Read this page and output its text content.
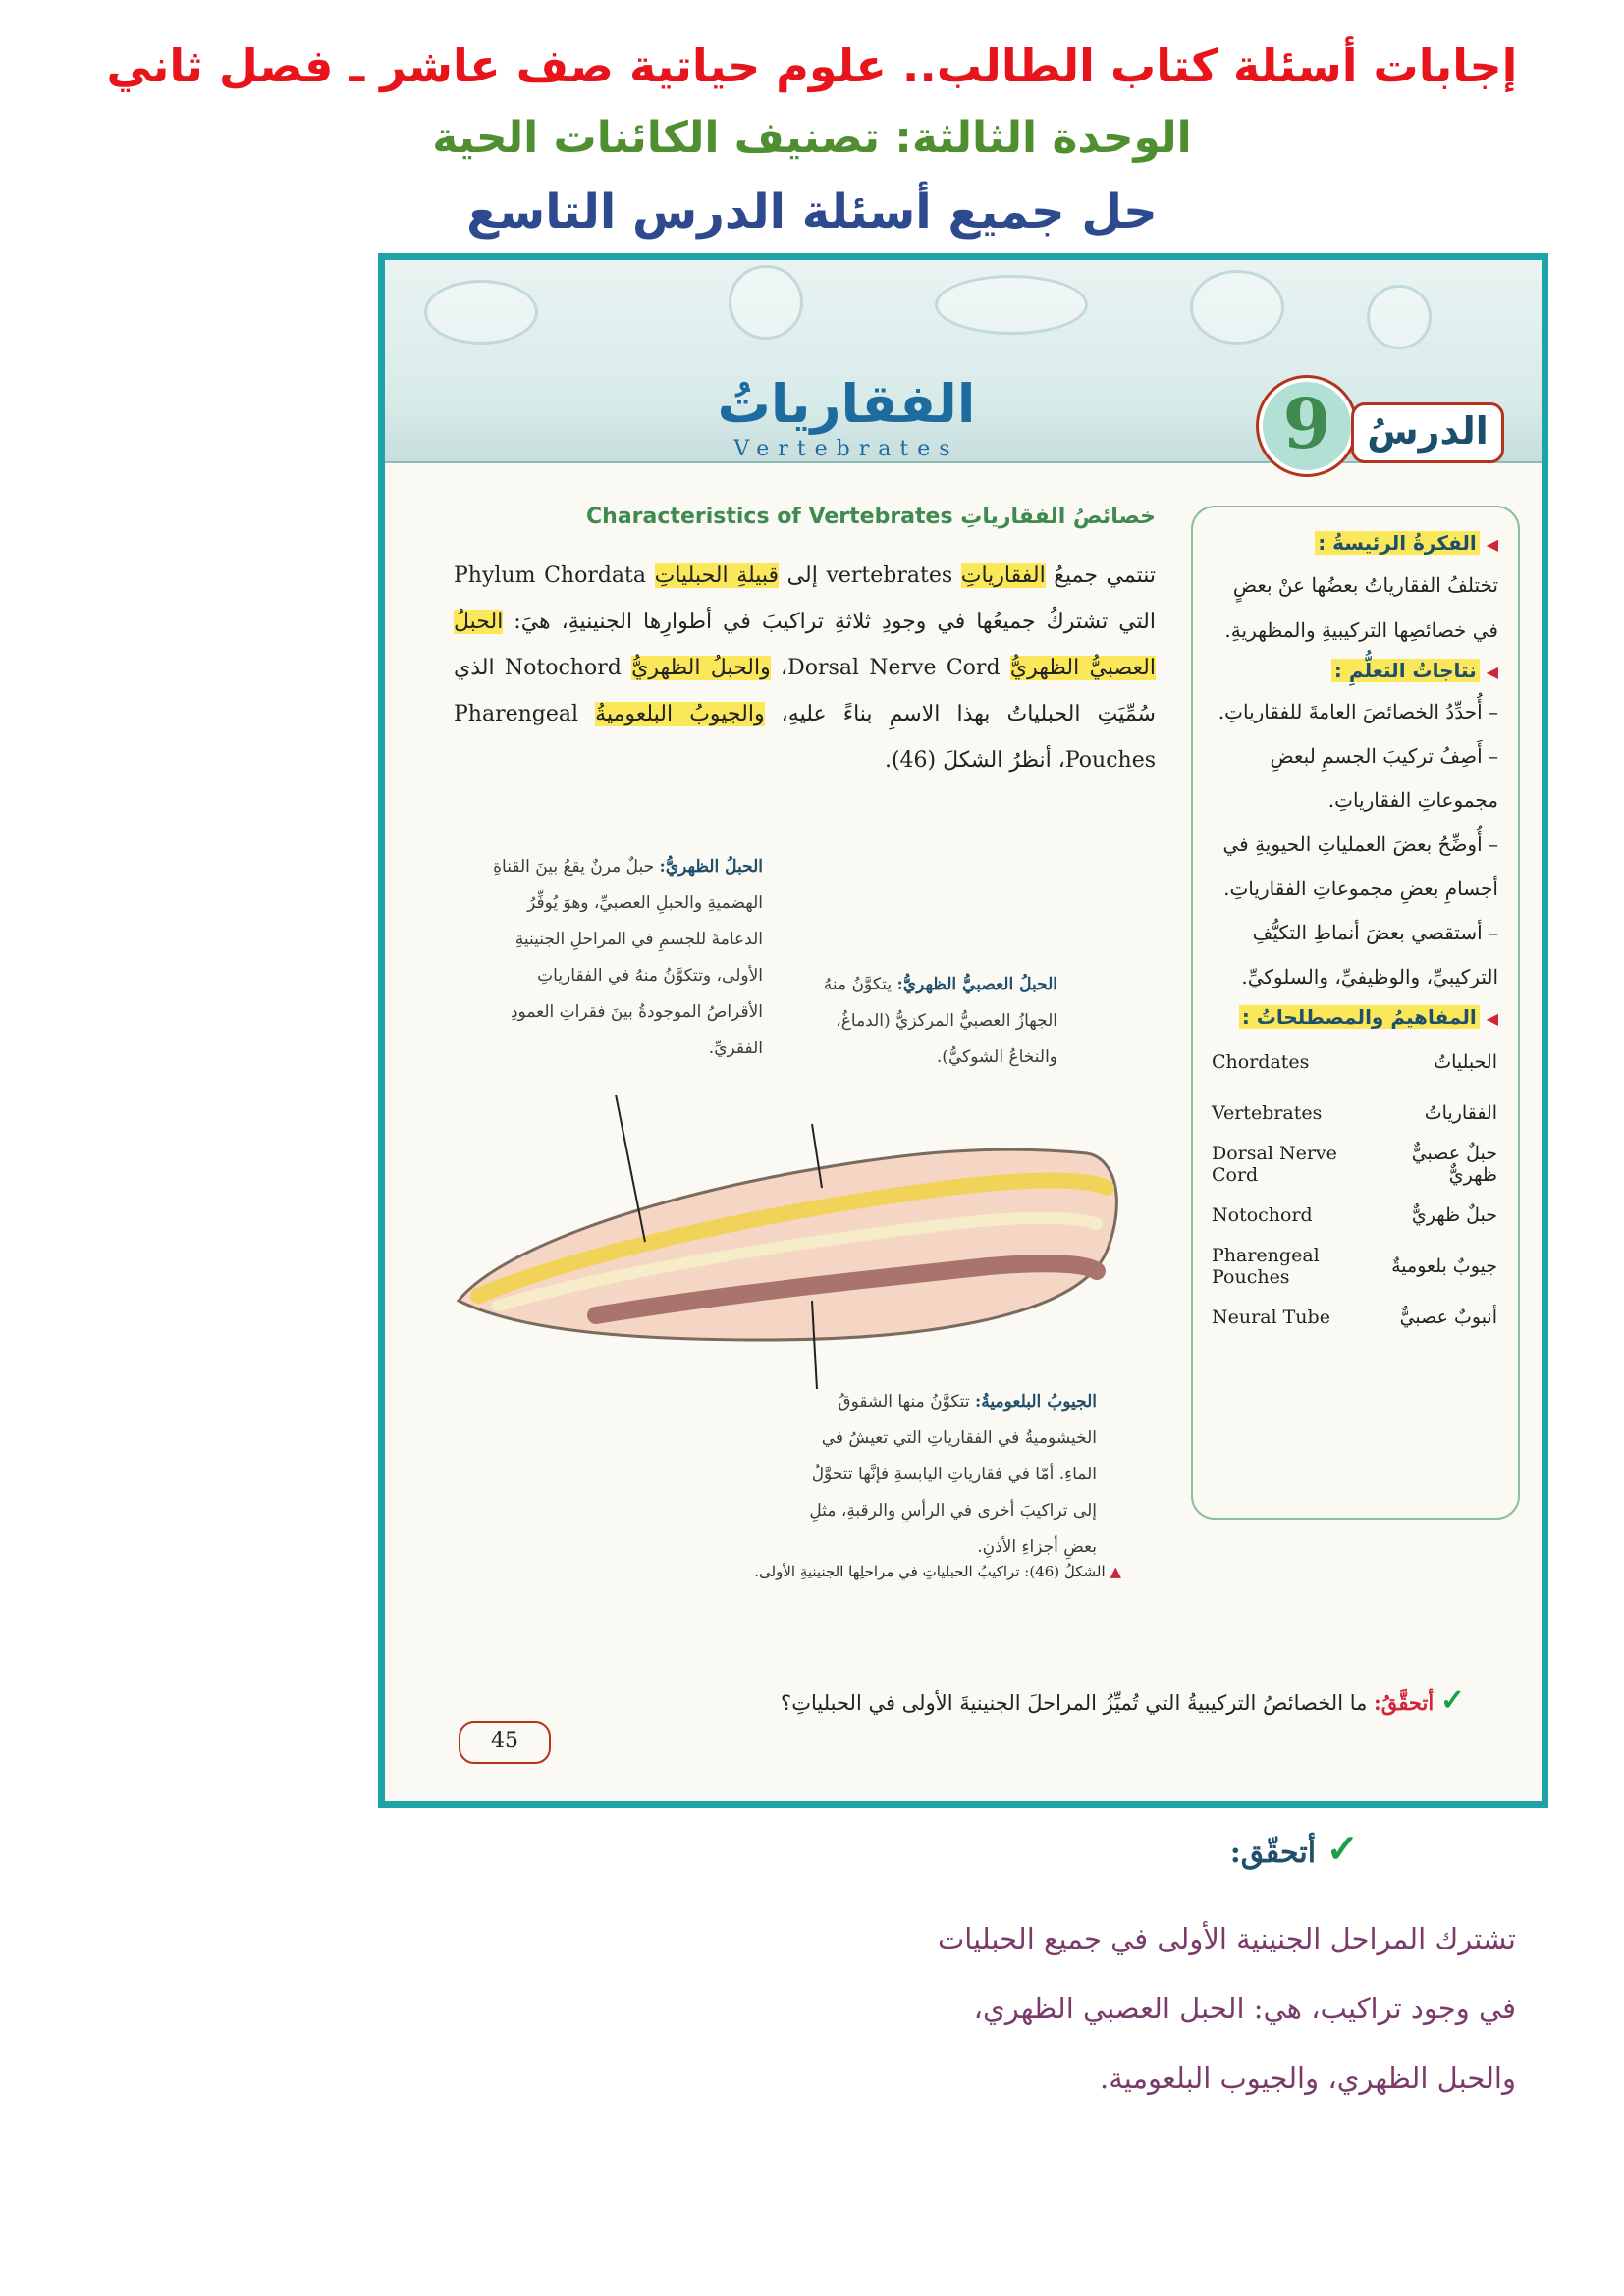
إجابات أسئلة كتاب الطالب.. علوم حياتية صف عاشر ـ فصل ثاني
الوحدة الثالثة: تصنيف الكائنات الحية
حل جميع أسئلة الدرس التاسع
الفقارياتُ
Vertebrates	9 الدرسُ
خصائصُ الفقارياتِ Characteristics of Vertebrates
تنتمي جميعُ الفقارياتِ vertebrates إلى قبيلةِ الحبلياتِ Phylum Chordata التي تشتركُ جميعُها في وجودِ ثلاثةِ تراكيبَ في أطوارِها الجنينيةِ، هيَ: الحبلُ العصبيُّ الظهريُّ Dorsal Nerve Cord، والحبلُ الظهريُّ Notochord الذي سُمِّيَتِ الحبلياتُ بهذا الاسمِ بناءً عليهِ، والجيوبُ البلعوميةُ Pharengeal Pouches، أنظرُ الشكلَ (46).
الحبلُ الظهريُّ: حبلٌ مرنٌ يقعُ بينَ القناةِ الهضميةِ والحبلِ العصبيِّ، وهوَ يُوفِّرُ الدعامةَ للجسمِ في المراحلِ الجنينيةِ الأولى، وتتكوَّنُ منهُ في الفقارياتِ الأقراصُ الموجودةُ بينَ فقراتِ العمودِ الفقريِّ.
الحبلُ العصبيُّ الظهريُّ: يتكوَّنُ منهُ الجهازُ العصبيُّ المركزيُّ (الدماغُ، والنخاعُ الشوكيُّ).
الجيوبُ البلعوميةُ: تتكوَّنُ منها الشقوقُ الخيشوميةُ في الفقارياتِ التي تعيشُ في الماءِ. أمّا في فقارياتِ اليابسةِ فإنَّها تتحوَّلُ إلى تراكيبَ أخرى في الرأسِ والرقبةِ، مثلِ بعضِ أجزاءِ الأذنِ.
▲ الشكلُ (46): تراكيبُ الحبلياتِ في مراحلِها الجنينيةِ الأولى.
◀ الفكرةُ الرئيسةُ :
تختلفُ الفقارياتُ بعضُها عنْ بعضٍ في خصائصِها التركيبيةِ والمظهريةِ.
◀ نتاجاتُ التعلُّمِ :
– أُحدِّدُ الخصائصَ العامةَ للفقارياتِ.
– أَصِفُ تركيبَ الجسمِ لبعضِ مجموعاتِ الفقارياتِ.
– أُوضِّحُ بعضَ العملياتِ الحيويةِ في أجسامِ بعضِ مجموعاتِ الفقارياتِ.
– أستقصي بعضَ أنماطِ التكيُّفِ التركيبيِّ، والوظيفيِّ، والسلوكيِّ.
◀ المفاهيمُ والمصطلحاتُ :
الحبلياتُ	Chordates
الفقارياتُ	Vertebrates
حبلٌ عصبيٌّ ظهريٌّ	Dorsal Nerve Cord
حبلٌ ظهريٌّ	Notochord
جيوبٌ بلعوميةٌ	Pharengeal Pouches
أنبوبٌ عصبيٌّ	Neural Tube
✓ أتحقَّقُ: ما الخصائصُ التركيبيةُ التي تُميِّزُ المراحلَ الجنينيةَ الأولى في الحبلياتِ؟
45
✓ أتحقّق:
تشترك المراحل الجنينية الأولى في جميع الحبليات
في وجود تراكيب، هي: الحبل العصبي الظهري،
والحبل الظهري، والجيوب البلعومية.
